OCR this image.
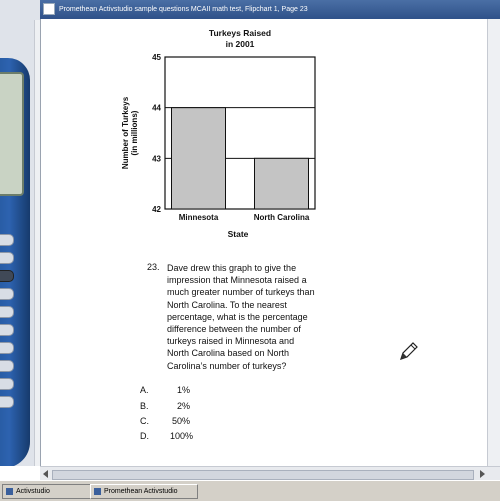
Promethean Activstudio sample questions MCAII math test, Flipchart 1, Page 23
42
43
44
45
Minnesota	North Carolina
Turkeys Raised
in 2001
State
Number of Turkeys (in millions)
23. Dave drew this graph to give the
impression that Minnesota raised a
much greater number of turkeys than
North Carolina. To the nearest
percentage, what is the percentage
difference between the number of
turkeys raised in Minnesota and
North Carolina based on North
Carolina’s number of turkeys?
A.	1%
B.	2%
C.	50%
D. 100%
Activstudio	Promethean Activstudio
